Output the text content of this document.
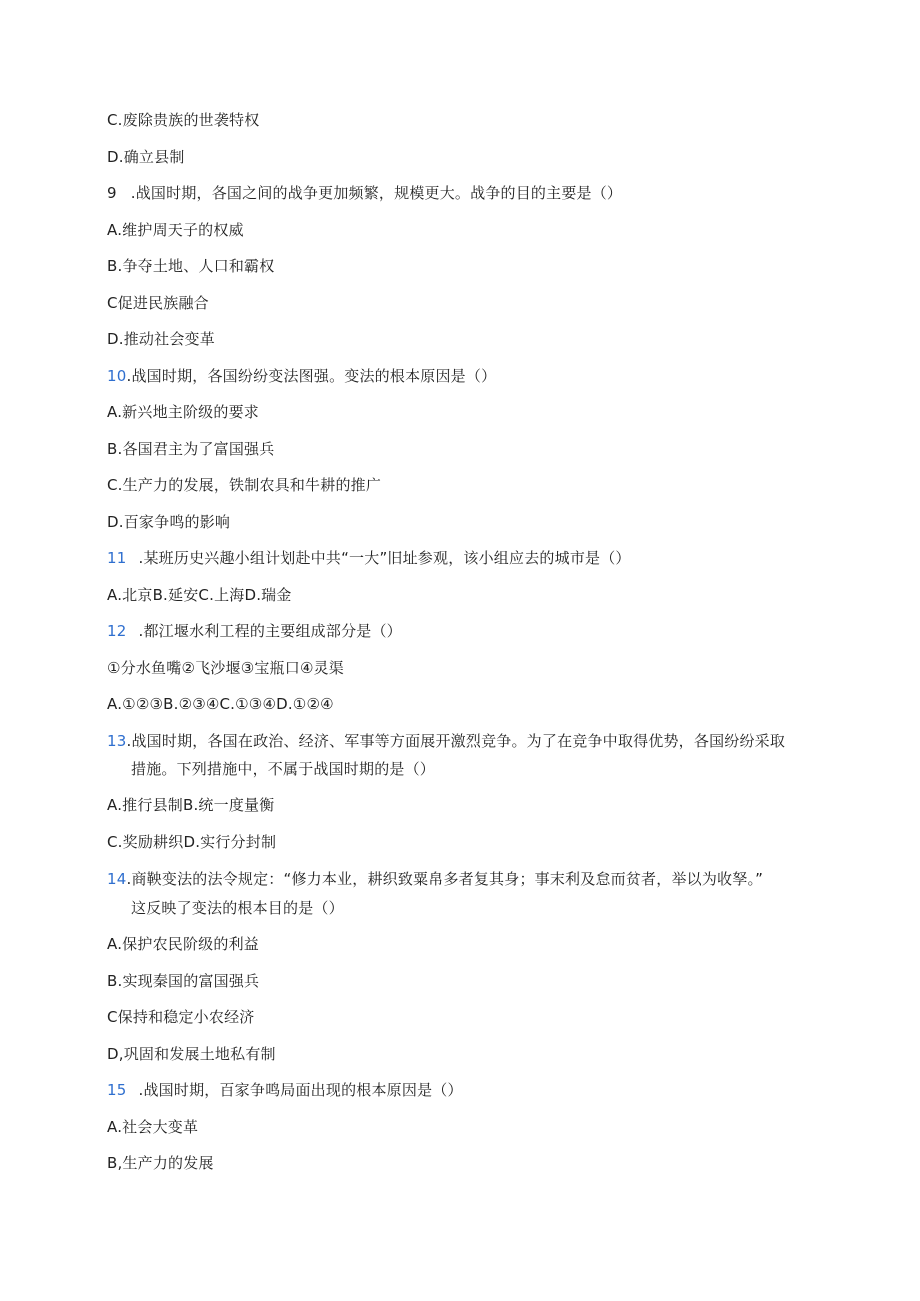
C.废除贵族的世袭特权
D.确立县制
9 .战国时期，各国之间的战争更加频繁，规模更大。战争的目的主要是（）
A.维护周天子的权威
B.争夺土地、人口和霸权
C促进民族融合
D.推动社会变革
10.战国时期，各国纷纷变法图强。变法的根本原因是（）
A.新兴地主阶级的要求
B.各国君主为了富国强兵
C.生产力的发展，铁制农具和牛耕的推广
D.百家争鸣的影响
11 .某班历史兴趣小组计划赴中共“一大”旧址参观，该小组应去的城市是（）
A.北京B.延安C.上海D.瑞金
12 .都江堰水利工程的主要组成部分是（）
①分水鱼嘴②飞沙堰③宝瓶口④灵渠
A.①②③B.②③④C.①③④D.①②④
13.战国时期，各国在政治、经济、军事等方面展开激烈竞争。为了在竞争中取得优势，各国纷纷采取
措施。下列措施中，不属于战国时期的是（）
A.推行县制B.统一度量衡
C.奖励耕织D.实行分封制
14.商鞅变法的法令规定：“修力本业，耕织致粟帛多者复其身；事末利及怠而贫者，举以为收孥。”
这反映了变法的根本目的是（）
A.保护农民阶级的利益
B.实现秦国的富国强兵
C保持和稳定小农经济
D,巩固和发展土地私有制
15 .战国时期，百家争鸣局面出现的根本原因是（）
A.社会大变革
B,生产力的发展
